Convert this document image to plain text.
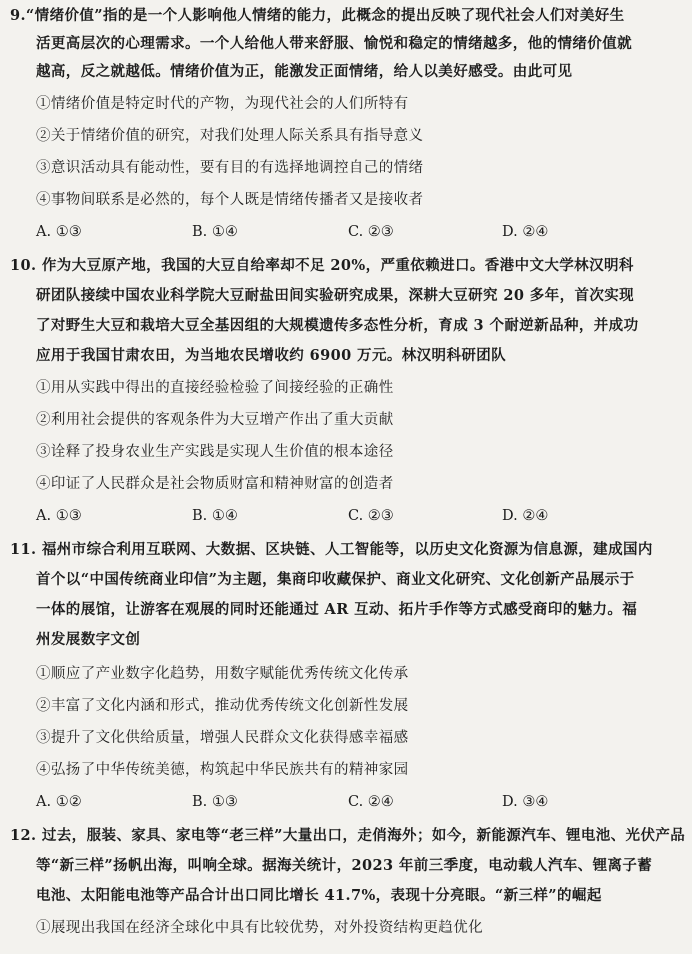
9.“情绪价值”指的是一个人影响他人情绪的能力，此概念的提出反映了现代社会人们对美好生
活更高层次的心理需求。一个人给他人带来舒服、愉悦和稳定的情绪越多，他的情绪价值就
越高，反之就越低。情绪价值为正，能激发正面情绪，给人以美好感受。由此可见
①情绪价值是特定时代的产物，为现代社会的人们所特有
②关于情绪价值的研究，对我们处理人际关系具有指导意义
③意识活动具有能动性，要有目的有选择地调控自己的情绪
④事物间联系是必然的，每个人既是情绪传播者又是接收者
A. ①③	B. ①④	C. ②③	D. ②④
10. 作为大豆原产地，我国的大豆自给率却不足 20%，严重依赖进口。香港中文大学林汉明科
研团队接续中国农业科学院大豆耐盐田间实验研究成果，深耕大豆研究 20 多年，首次实现
了对野生大豆和栽培大豆全基因组的大规模遗传多态性分析，育成 3 个耐逆新品种，并成功
应用于我国甘肃农田，为当地农民增收约 6900 万元。林汉明科研团队
①用从实践中得出的直接经验检验了间接经验的正确性
②利用社会提供的客观条件为大豆增产作出了重大贡献
③诠释了投身农业生产实践是实现人生价值的根本途径
④印证了人民群众是社会物质财富和精神财富的创造者
A. ①③	B. ①④	C. ②③	D. ②④
11. 福州市综合利用互联网、大数据、区块链、人工智能等，以历史文化资源为信息源，建成国内
首个以“中国传统商业印信”为主题，集商印收藏保护、商业文化研究、文化创新产品展示于
一体的展馆，让游客在观展的同时还能通过 AR 互动、拓片手作等方式感受商印的魅力。福
州发展数字文创
①顺应了产业数字化趋势，用数字赋能优秀传统文化传承
②丰富了文化内涵和形式，推动优秀传统文化创新性发展
③提升了文化供给质量，增强人民群众文化获得感幸福感
④弘扬了中华传统美德，构筑起中华民族共有的精神家园
A. ①②	B. ①③	C. ②④	D. ③④
12. 过去，服装、家具、家电等“老三样”大量出口，走俏海外；如今，新能源汽车、锂电池、光伏产品
等“新三样”扬帆出海，叫响全球。据海关统计，2023 年前三季度，电动载人汽车、锂离子蓄
电池、太阳能电池等产品合计出口同比增长 41.7%，表现十分亮眼。“新三样”的崛起
①展现出我国在经济全球化中具有比较优势，对外投资结构更趋优化
